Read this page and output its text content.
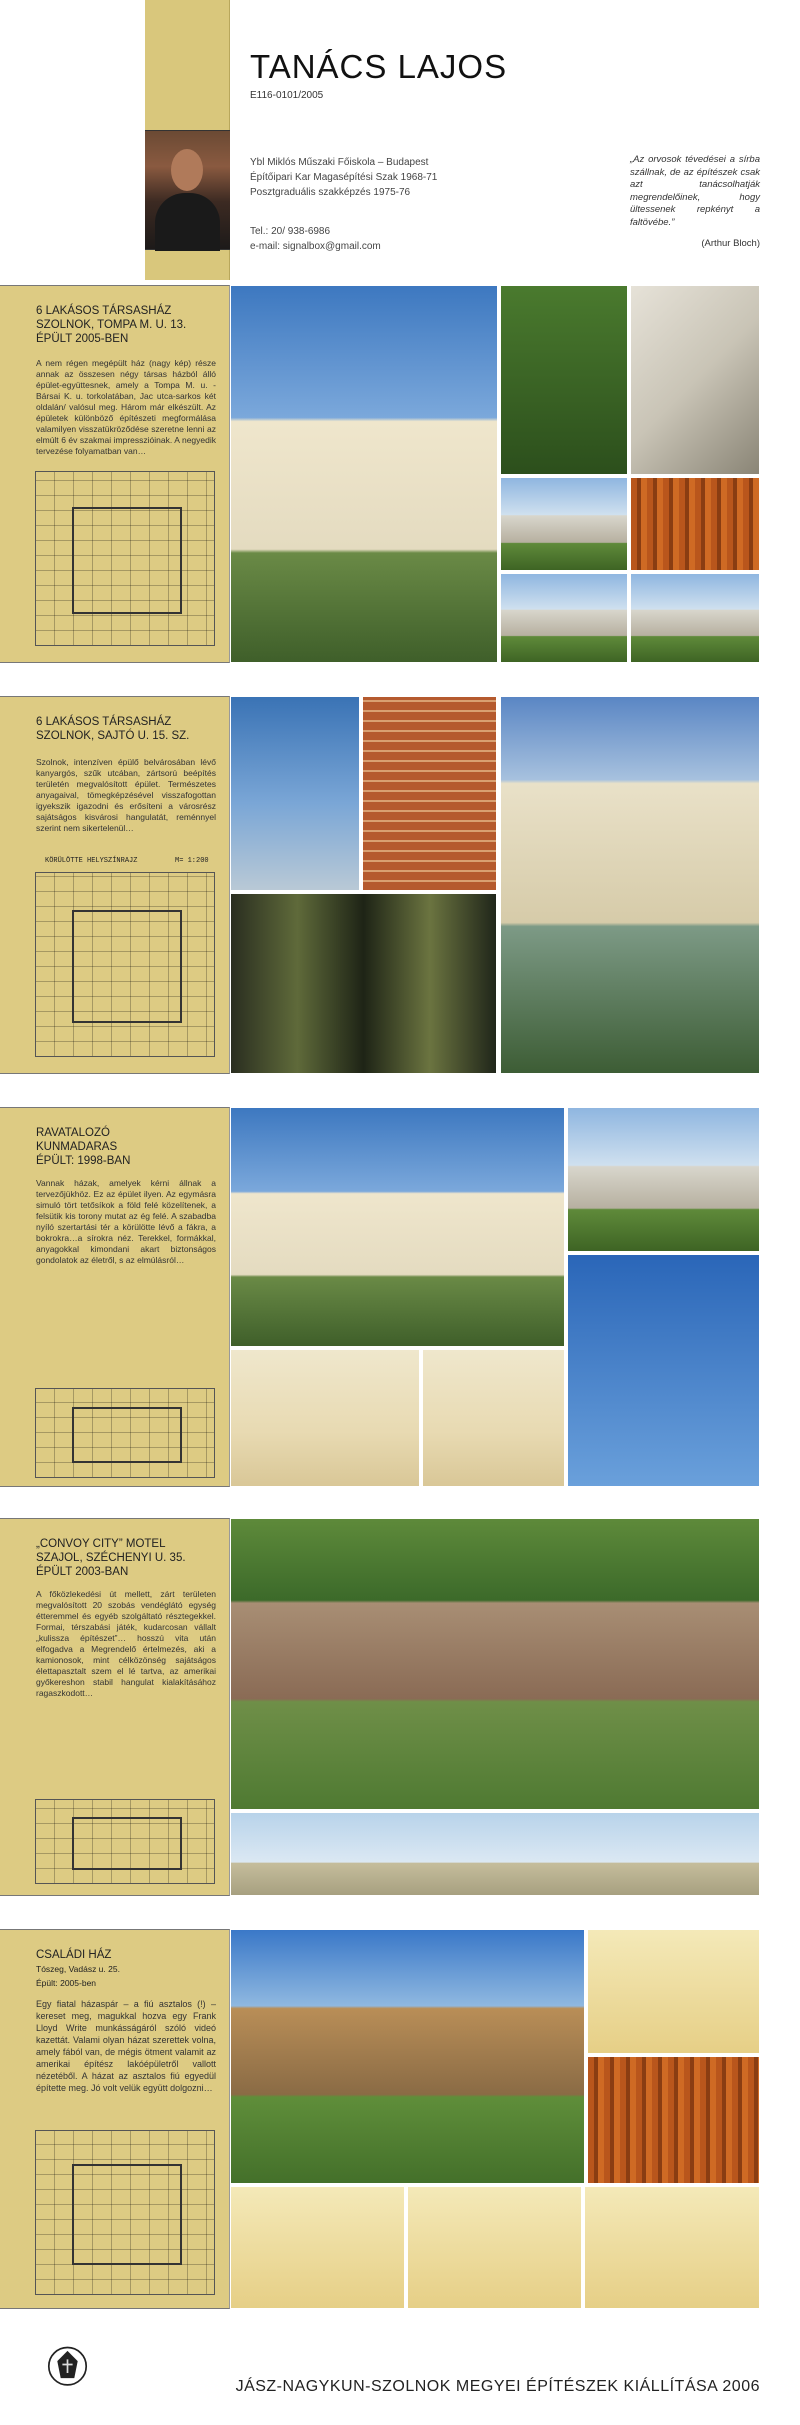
TANÁCS LAJOS
E116-0101/2005
Ybl Miklós Műszaki Főiskola – Budapest
Építőipari Kar Magasépítési Szak 1968-71
Posztgraduális szakképzés 1975-76
Tel.: 20/ 938-6986
e-mail: signalbox@gmail.com
„Az orvosok tévedései a sírba szállnak, de az építészek csak azt tanácsolhatják megrendelőinek, hogy ültessenek repkényt a faltövébe.”
(Arthur Bloch)
6 LAKÁSOS TÁRSASHÁZ
SZOLNOK, TOMPA M. U. 13.
ÉPÜLT 2005-BEN
A nem régen megépült ház (nagy kép) része annak az összesen négy társas házból álló épület-együttesnek, amely a Tompa M. u. - Bársai K. u. torkolatában, Jac utca-sarkos két oldalán/ valósul meg. Három már elkészült. Az épületek különböző építészeti megformálása valamilyen visszatükröződése szeretne lenni az elmúlt 6 év szakmai impresszióinak. A negyedik tervezése folyamatban van…
6 LAKÁSOS TÁRSASHÁZ
SZOLNOK, SAJTÓ U. 15. SZ.
Szolnok, intenzíven épülő belvárosában lévő kanyargós, szűk utcában, zártsorú beépítés területén megvalósított épület. Természetes anyagaival, tömegképzésével visszafogottan igyekszik igazodni és erősíteni a városrész sajátságos kisvárosi hangulatát, reménnyel szerint nem sikertelenül…
KÖRÜLÖTTE HELYSZÍNRAJZ	M= 1:200
RAVATALOZÓ
KUNMADARAS
ÉPÜLT: 1998-BAN
Vannak házak, amelyek kérni állnak a tervezőjükhöz. Ez az épület ilyen. Az egymásra simuló tört tetősíkok a föld felé közelítenek, a felsütik kis torony mutat az ég felé. A szabadba nyíló szertartási tér a körülötte lévő a fákra, a bokrokra…a sírokra néz. Terekkel, formákkal, anyagokkal kimondani akart biztonságos gondolatok az életről, s az elmúlásról…
„CONVOY CITY” MOTEL
SZAJOL, SZÉCHENYI U. 35.
ÉPÜLT 2003-BAN
A főközlekedési út mellett, zárt területen megvalósított 20 szobás vendéglátó egység étteremmel és egyéb szolgáltató résztegekkel. Formai, térszabási játék, kudarcosan vállalt „kulissza építészet”… hosszú vita után elfogadva a Megrendelő értelmezés, aki a kamionosok, mint célközönség sajátságos élettapasztalt szem el lé tartva, az amerikai győkereshon stabil hangulat kialakításához ragaszkodott…
CSALÁDI HÁZ
Tószeg, Vadász u. 25.
Épült: 2005-ben
Egy fiatal házaspár – a fiú asztalos (!) – kereset meg, magukkal hozva egy Frank Lloyd Write munkásságáról szóló videó kazettát. Valami olyan házat szerettek volna, amely fából van, de mégis ötment valamit az amerikai építész lakóépületről vallott nézetéből. A házat az asztalos fiú egyedül építette meg. Jó volt velük együtt dolgozni…
JÁSZ-NAGYKUN-SZOLNOK MEGYEI ÉPÍTÉSZEK KIÁLLÍTÁSA 2006
